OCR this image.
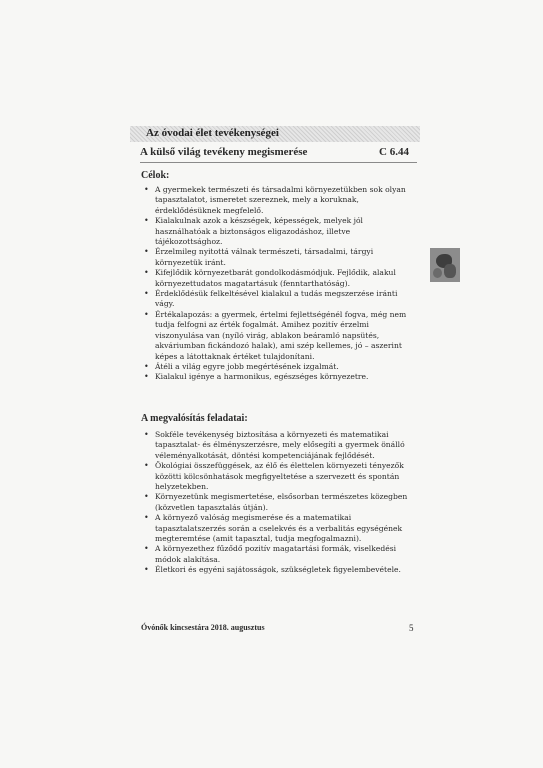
Az óvodai élet tevékenységei
A külső világ tevékeny megismerése	C 6.44
Célok:
• A gyermekek természeti és társadalmi környezetükben sok olyan tapasztalatot, ismeretet szereznek, mely a koruknak, érdeklődésüknek megfelelő.
• Kialakulnak azok a készségek, képességek, melyek jól használhatóak a biztonságos eligazodáshoz, illetve tájékozottsághoz.
• Érzelmileg nyitottá válnak természeti, társadalmi, tárgyi környezetük iránt.
• Kifejlődik környezetbarát gondolkodásmódjuk. Fejlődik, alakul környezettudatos magatartásuk (fenntarthatóság).
• Érdeklődésük felkeltésével kialakul a tudás megszerzése iránti vágy.
• Értékalapozás: a gyermek, értelmi fejlettségénél fogva, még nem tudja felfogni az érték fogalmát. Amihez pozitív érzelmi viszonyulása van (nyíló virág, ablakon beáramló napsütés, akváriumban fickándozó halak), ami szép kellemes, jó – aszerint képes a látottaknak értéket tulajdonítani.
• Átéli a világ egyre jobb megértésének izgalmát.
• Kialakul igénye a harmonikus, egészséges környezetre.
A megvalósítás feladatai:
• Sokféle tevékenység biztosítása a környezeti és matematikai tapasztalat- és élményszerzésre, mely elősegíti a gyermek önálló véleményalkotását, döntési kompetenciájának fejlődését.
• Ökológiai összefüggések, az élő és élettelen környezeti tényezők közötti kölcsönhatások megfigyeltetése a szervezett és spontán helyzetekben.
• Környezetünk megismertetése, elsősorban természetes közegben (közvetlen tapasztalás útján).
• A környező valóság megismerése és a matematikai tapasztalatszerzés során a cselekvés és a verbalitás egységének megteremtése (amit tapasztal, tudja megfogalmazni).
• A környezethez fűződő pozitív magatartási formák, viselkedési módok alakítása.
• Életkori és egyéni sajátosságok, szükségletek figyelembevétele.
Óvónők kincsestára 2018. augusztus	5
